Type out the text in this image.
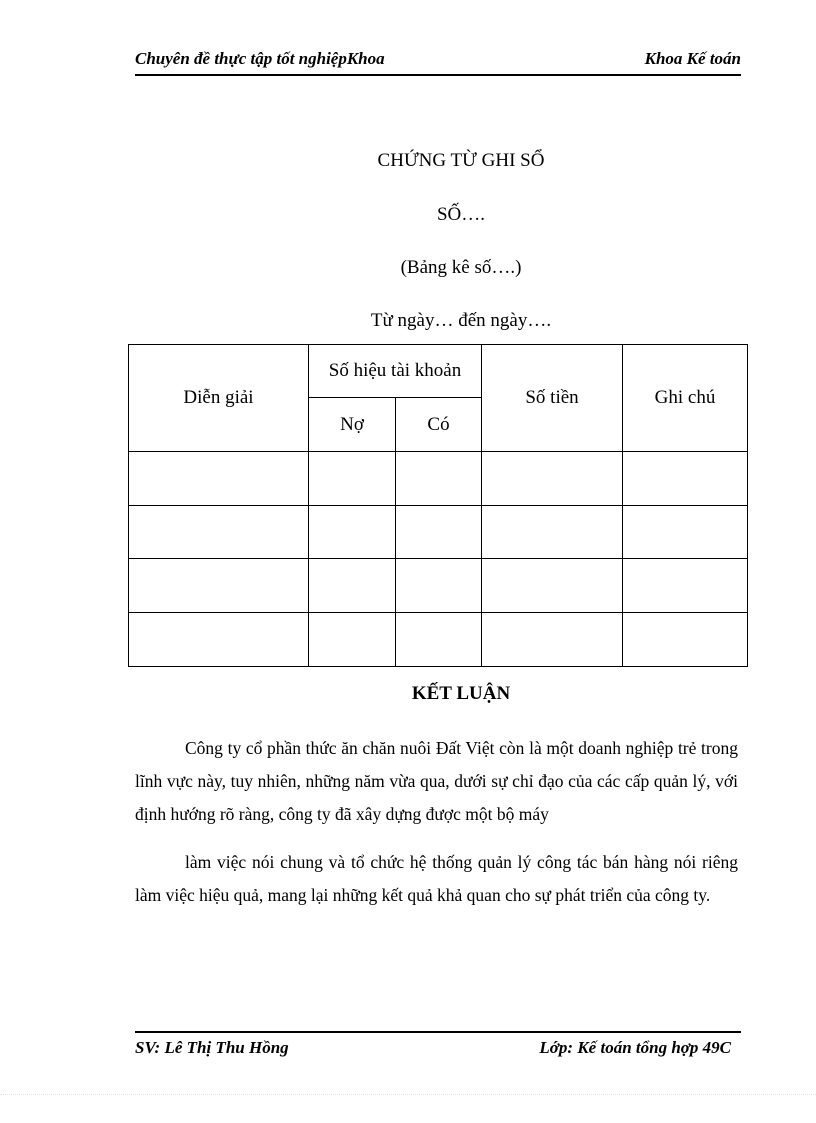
Chuyên đề thực tập tốt nghiệpKhoa	Khoa Kế toán
CHỨNG TỪ GHI SỔ
SỐ….
(Bảng kê số….)
Từ ngày… đến ngày….
Diễn giải	Số hiệu tài khoản		Số tiền	Ghi chú
	Nợ	Có		

KẾT LUẬN

Công ty cổ phần thức ăn chăn nuôi Đất Việt còn là một doanh nghiệp trẻ trong lĩnh vực này, tuy nhiên, những năm vừa qua, dưới sự chỉ đạo của các cấp quản lý, với định hướng rõ ràng, công ty đã xây dựng được một bộ máy

làm việc nói chung và tổ chức hệ thống quản lý công tác bán hàng nói riêng làm việc hiệu quả, mang lại những kết quả khả quan cho sự phát triển của công ty.

SV: Lê Thị Thu Hồng	Lớp: Kế toán tổng hợp 49C
